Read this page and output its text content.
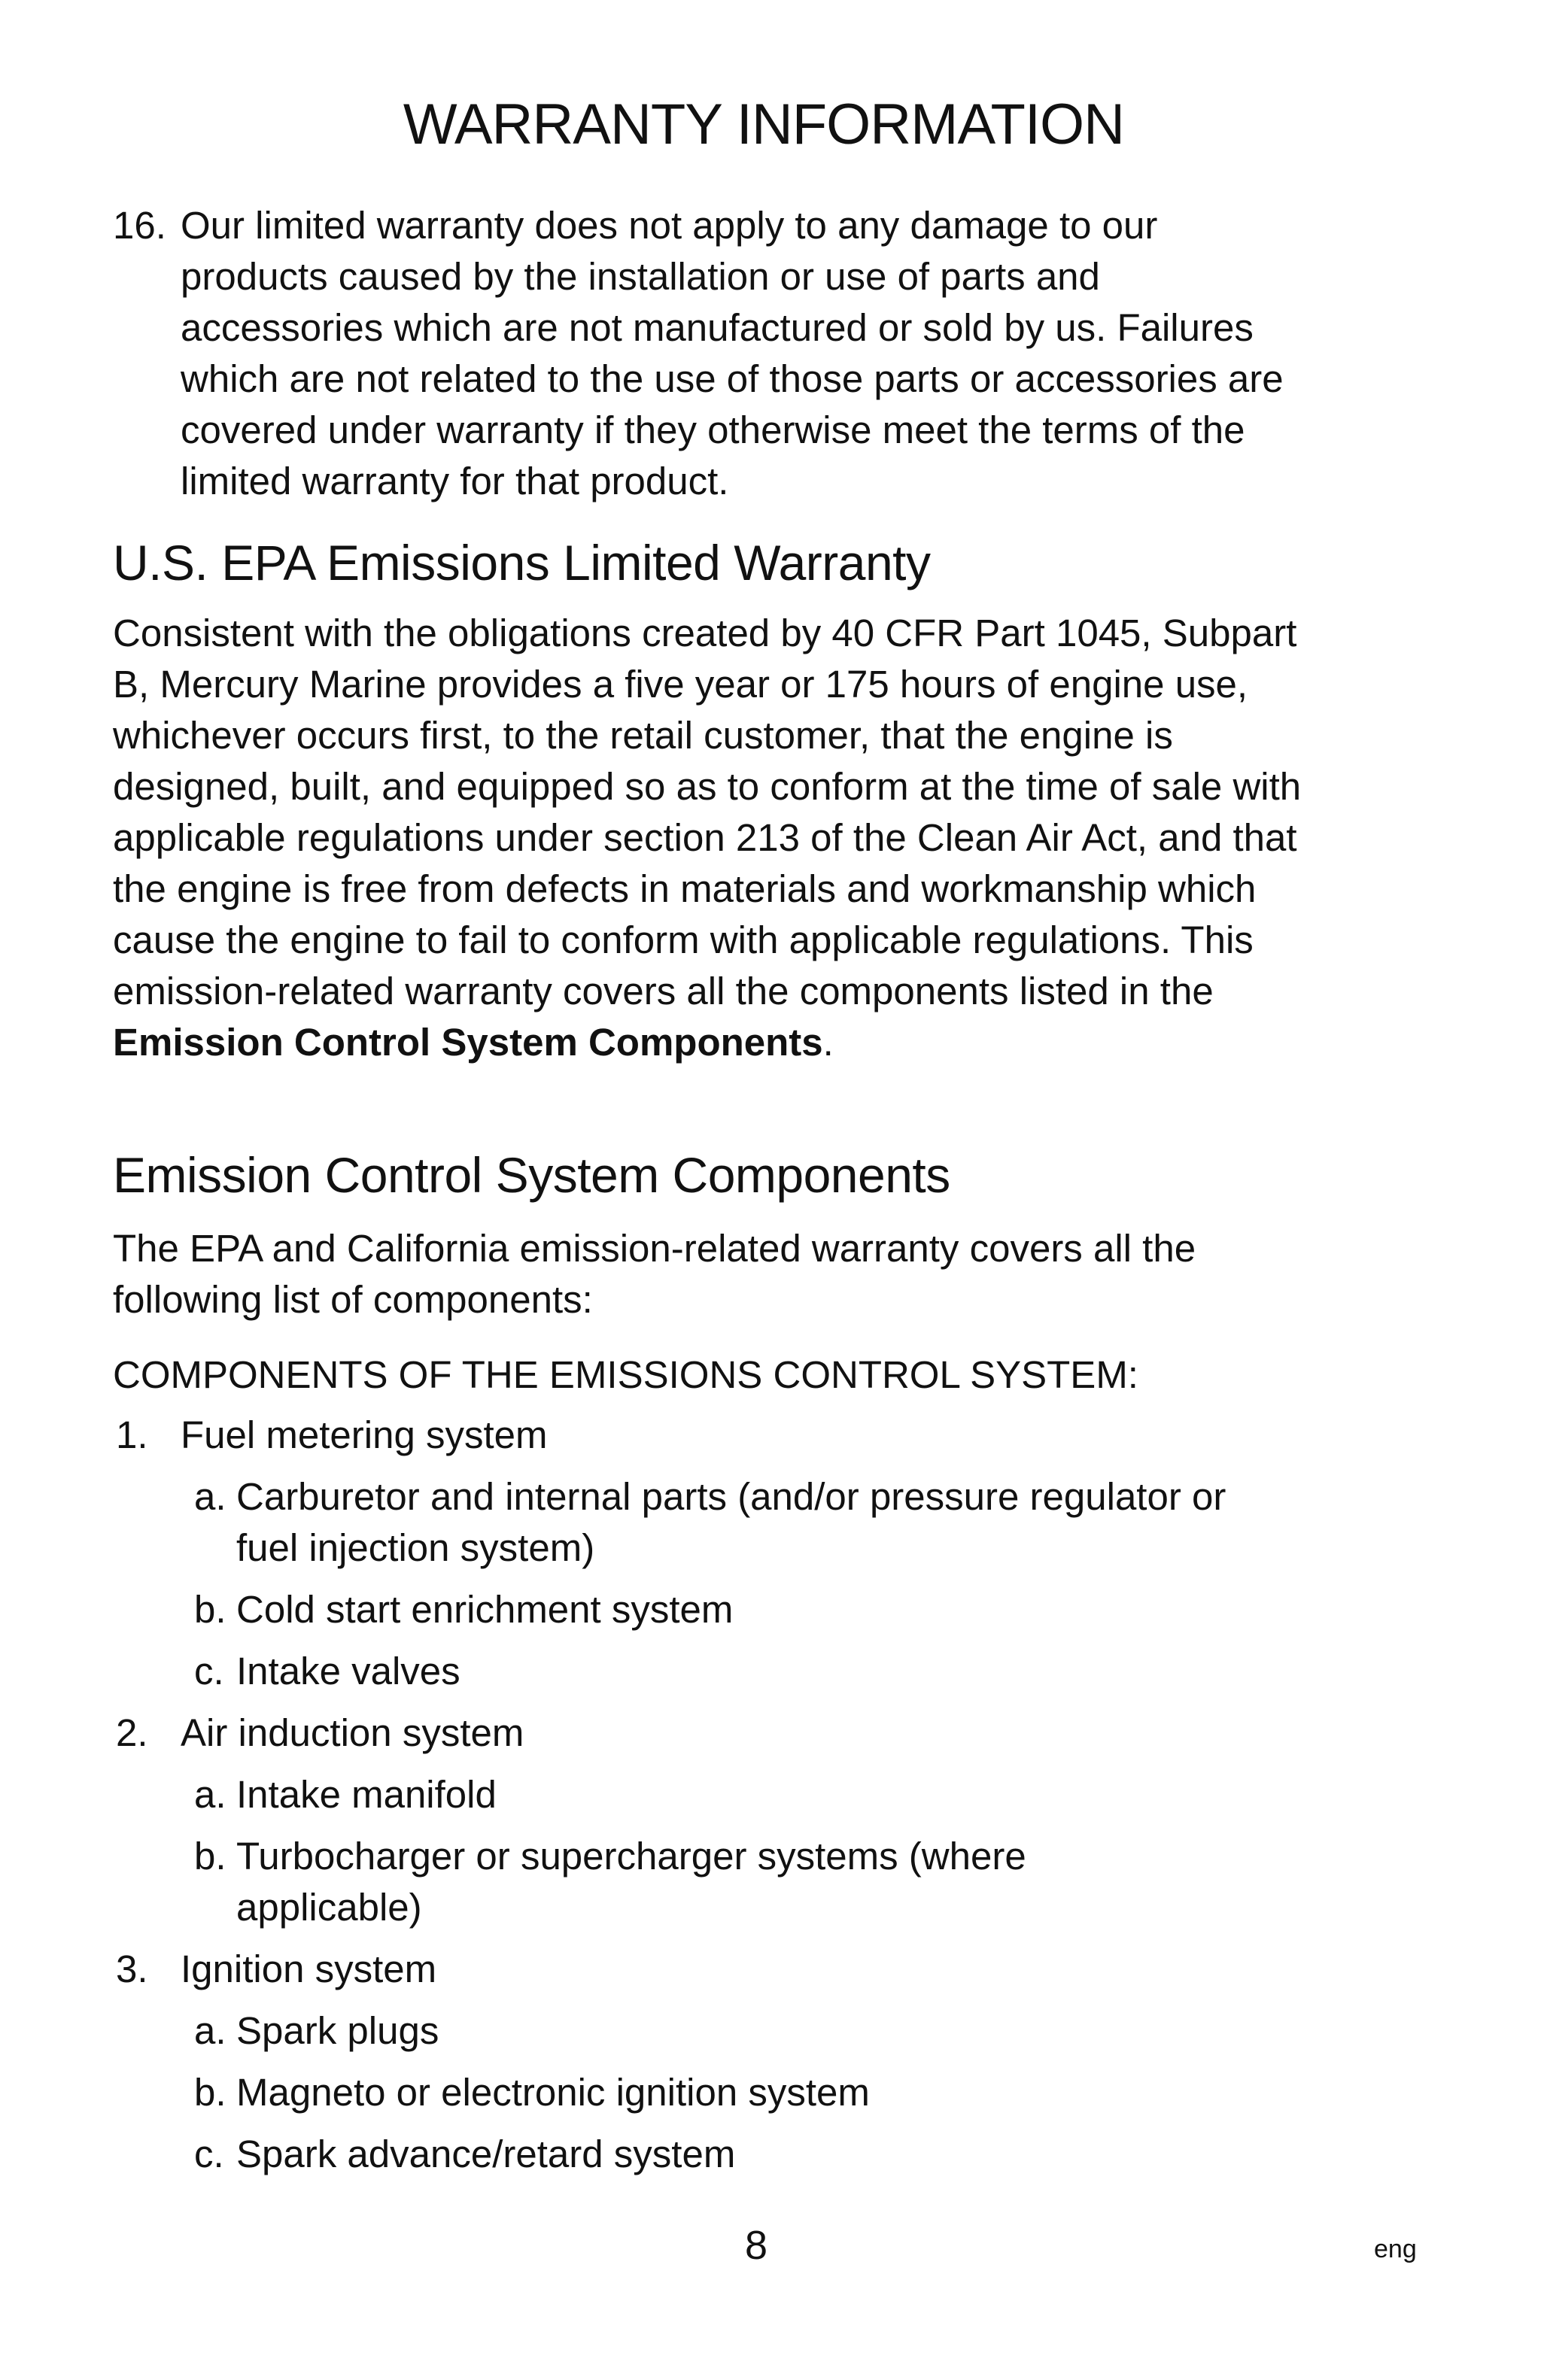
WARRANTY INFORMATION
16. Our limited warranty does not apply to any damage to our products caused by the installation or use of parts and accessories which are not manufactured or sold by us. Failures which are not related to the use of those parts or accessories are covered under warranty if they otherwise meet the terms of the limited warranty for that product.
U.S. EPA Emissions Limited Warranty

Consistent with the obligations created by 40 CFR Part 1045, Subpart B, Mercury Marine provides a five year or 175 hours of engine use, whichever occurs first, to the retail customer, that the engine is designed, built, and equipped so as to conform at the time of sale with applicable regulations under section 213 of the Clean Air Act, and that the engine is free from defects in materials and workmanship which cause the engine to fail to conform with applicable regulations. This emission-related warranty covers all the components listed in the Emission Control System Components.

Emission Control System Components

The EPA and California emission-related warranty covers all the following list of components:

COMPONENTS OF THE EMISSIONS CONTROL SYSTEM:

1. Fuel metering system
a. Carburetor and internal parts (and/or pressure regulator or fuel injection system)
b. Cold start enrichment system
c. Intake valves
2. Air induction system
a. Intake manifold
b. Turbocharger or supercharger systems (where applicable)
3. Ignition system
a. Spark plugs
b. Magneto or electronic ignition system
c. Spark advance/retard system
8	eng
